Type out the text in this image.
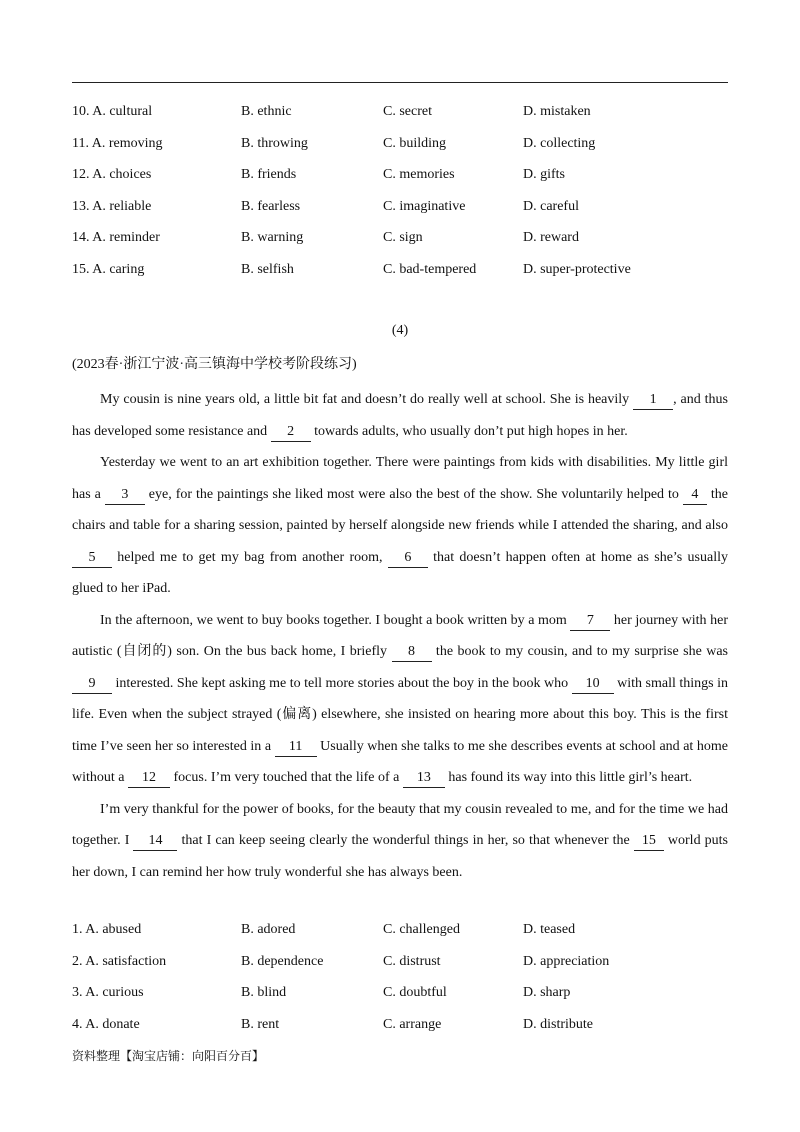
10. A. cultural	B. ethnic	C. secret	D. mistaken
11. A. removing	B. throwing	C. building	D. collecting
12. A. choices	B. friends	C. memories	D. gifts
13. A. reliable	B. fearless	C. imaginative	D. careful
14. A. reminder	B. warning	C. sign	D. reward
15. A. caring	B. selfish	C. bad-tempered	D. super-protective
(4)
(2023春·浙江宁波·高三镇海中学校考阶段练习)

My cousin is nine years old, a little bit fat and doesn’t do really well at school. She is heavily 1 , and thus has developed some resistance and 2 towards adults, who usually don’t put high hopes in her.

Yesterday we went to an art exhibition together. There were paintings from kids with disabilities. My little girl has a 3 eye, for the paintings she liked most were also the best of the show. She voluntarily helped to 4 the chairs and table for a sharing session, painted by herself alongside new friends while I attended the sharing, and also 5 helped me to get my bag from another room, 6 that doesn’t happen often at home as she’s usually glued to her iPad.

In the afternoon, we went to buy books together. I bought a book written by a mom 7 her journey with her autistic (自闭的) son. On the bus back home, I briefly 8 the book to my cousin, and to my surprise she was 9 interested. She kept asking me to tell more stories about the boy in the book who 10 with small things in life. Even when the subject strayed (偏离) elsewhere, she insisted on hearing more about this boy. This is the first time I’ve seen her so interested in a 11 Usually when she talks to me she describes events at school and at home without a 12 focus. I’m very touched that the life of a 13 has found its way into this little girl’s heart.

I’m very thankful for the power of books, for the beauty that my cousin revealed to me, and for the time we had together. I 14 that I can keep seeing clearly the wonderful things in her, so that whenever the 15 world puts her down, I can remind her how truly wonderful she has always been.

1. A. abused	B. adored	C. challenged	D. teased
2. A. satisfaction	B. dependence	C. distrust	D. appreciation
3. A. curious	B. blind	C. doubtful	D. sharp
4. A. donate	B. rent	C. arrange	D. distribute
资料整理【淘宝店铺：向阳百分百】
